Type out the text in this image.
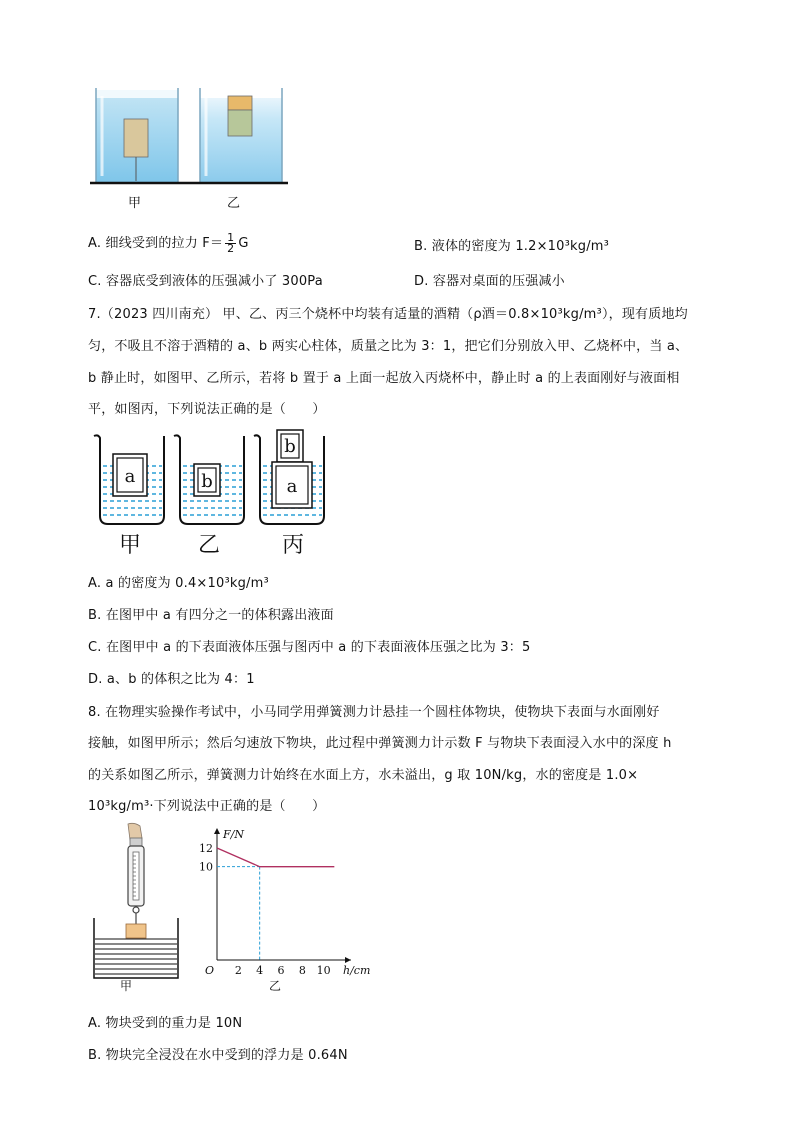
甲	乙
A. 细线受到的拉力 $F= \frac{1}{2}$ G	B. 液体的密度为 1.2×10³kg/m³
C. 容器底受到液体的压强减小了 300Pa	D. 容器对桌面的压强减小
7.（2023 四川南充） 甲、乙、丙三个烧杯中均装有适量的酒精（ρ酒＝0.8×10³kg/m³），现有质地均
匀，不吸且不溶于酒精的 a、b 两实心柱体，质量之比为 3：1，把它们分别放入甲、乙烧杯中，当 a、
b 静止时，如图甲、乙所示，若将 b 置于 a 上面一起放入丙烧杯中，静止时 a 的上表面刚好与液面相
平，如图丙，下列说法正确的是（　　）
a	b
b
a
甲	乙	丙
A. a 的密度为 0.4×10³kg/m³
B. 在图甲中 a 有四分之一的体积露出液面
C. 在图甲中 a 的下表面液体压强与图丙中 a 的下表面液体压强之比为 3：5
D. a、b 的体积之比为 4：1
8. 在物理实验操作考试中，小马同学用弹簧测力计悬挂一个圆柱体物块，使物块下表面与水面刚好
接触，如图甲所示；然后匀速放下物块，此过程中弹簧测力计示数 F 与物块下表面浸入水中的深度 h
的关系如图乙所示，弹簧测力计始终在水面上方，水未溢出，g 取 10N/kg，水的密度是 1.0×
10³kg/m³·下列说法中正确的是（　　）
甲
F/N
h/cm
O 2 4 6 8 10
10
12
乙
A. 物块受到的重力是 10N
B. 物块完全浸没在水中受到的浮力是 0.64N
